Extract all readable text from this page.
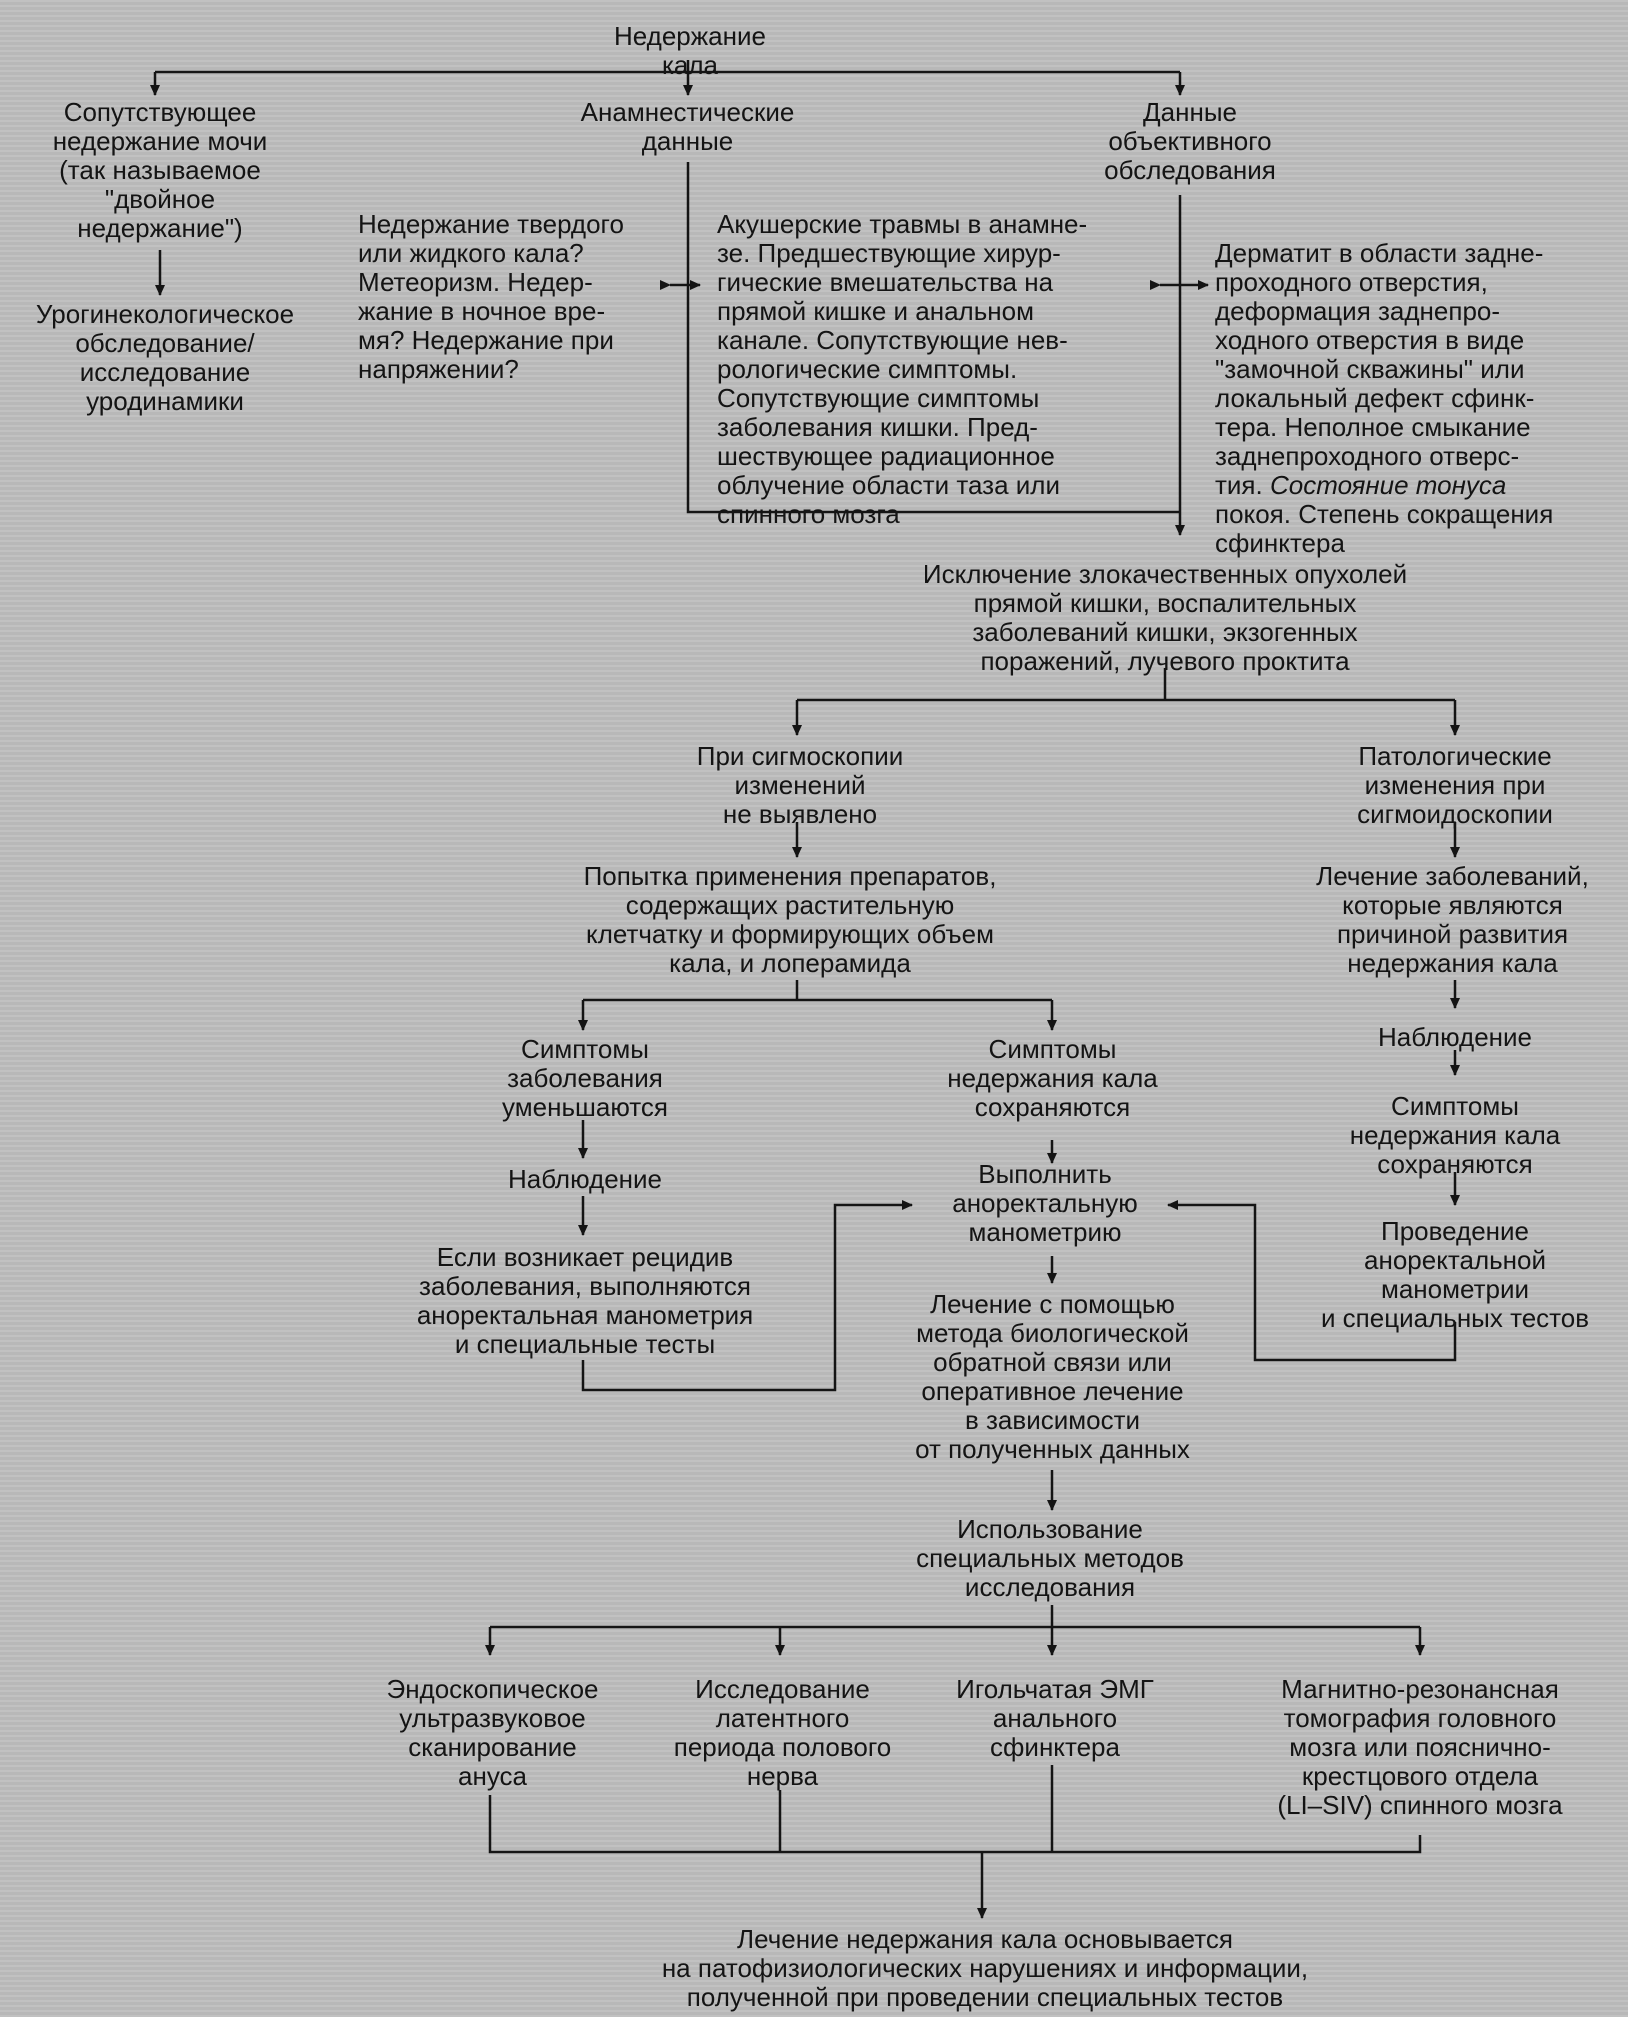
Недержание кала

Сопутствующее
недержание мочи
(так называемое
"двойное
недержание")

Урогинекологическое
обследование/
исследование
уродинамики

Анамнестические
данные

Недержание твердого
или жидкого кала?
Метеоризм. Недер-
жание в ночное вре-
мя? Недержание при
напряжении?

Акушерские травмы в анамне-
зе. Предшествующие хирур-
гические вмешательства на
прямой кишке и анальном
канале. Сопутствующие нев-
рологические симптомы.
Сопутствующие симптомы
заболевания кишки. Пред-
шествующее радиационное
облучение области таза или
спинного мозга

Данные
объективного
обследования

Дерматит в области задне-
проходного отверстия,
деформация заднепро-
ходного отверстия в виде
"замочной скважины" или
локальный дефект сфинк-
тера. Неполное смыкание
заднепроходного отверс-
тия. Состояние тонуса
покоя. Степень сокращения
сфинктера

Исключение злокачественных опухолей
прямой кишки, воспалительных
заболеваний кишки, экзогенных
поражений, лучевого проктита

При сигмоскопии
изменений
не выявлено

Попытка применения препаратов,
содержащих растительную
клетчатку и формирующих объем
кала, и лоперамида

Симптомы
заболевания
уменьшаются

Наблюдение

Если возникает рецидив
заболевания, выполняются
аноректальная манометрия
и специальные тесты

Симптомы
недержания кала
сохраняются

Выполнить
аноректальную
манометрию

Лечение с помощью
метода биологической
обратной связи или
оперативное лечение
в зависимости
от полученных данных

Использование
специальных методов
исследования

Патологические
изменения при
сигмоидоскопии

Лечение заболеваний,
которые являются
причиной развития
недержания кала

Наблюдение

Симптомы
недержания кала
сохраняются

Проведение
аноректальной
манометрии
и специальных тестов

Эндоскопическое
ультразвуковое
сканирование
ануса

Исследование
латентного
периода полового
нерва

Игольчатая ЭМГ
анального
сфинктера

Магнитно-резонансная
томография головного
мозга или пояснично-
крестцового отдела
(LI–SIV) спинного мозга

Лечение недержания кала основывается
на патофизиологических нарушениях и информации,
полученной при проведении специальных тестов
